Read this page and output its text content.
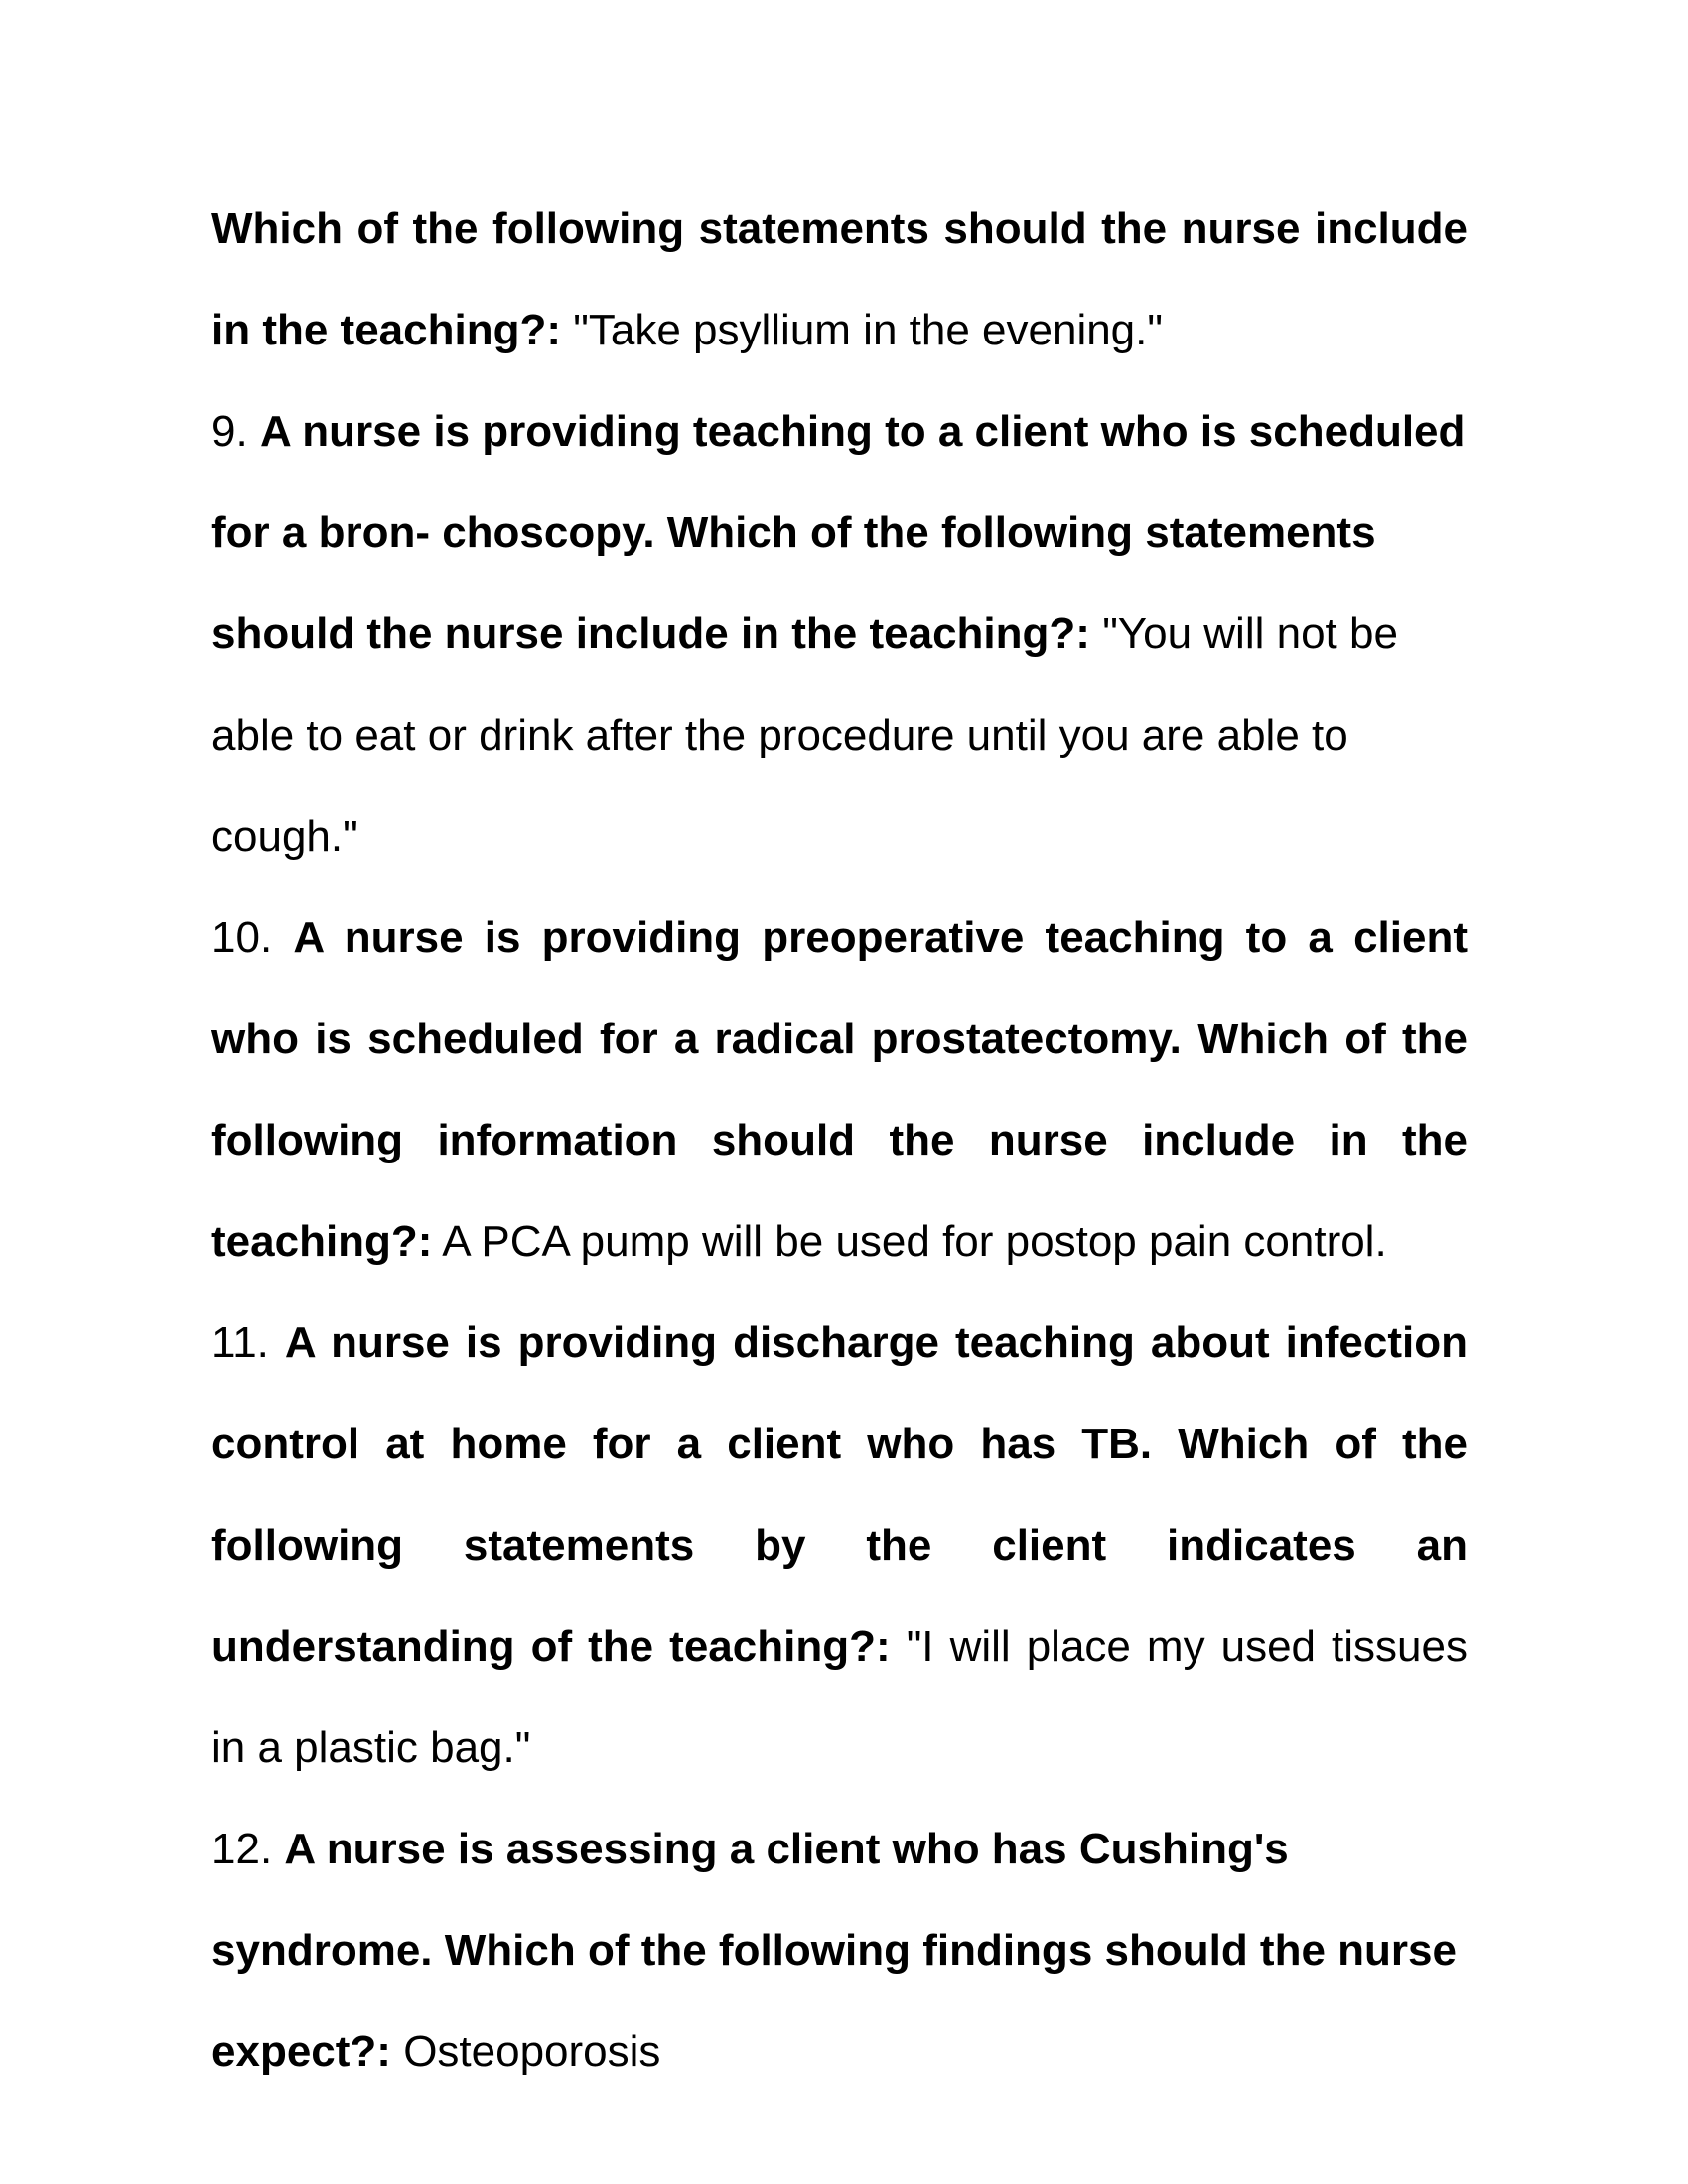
Which of the following statements should the nurse include in the teaching?: "Take psyllium in the evening."

9. A nurse is providing teaching to a client who is scheduled for a bron- choscopy. Which of the following statements should the nurse include in the teaching?: "You will not be able to eat or drink after the procedure until you are able to cough."

10. A nurse is providing preoperative teaching to a client who is scheduled for a radical prostatectomy. Which of the following information should the nurse include in the teaching?: A PCA pump will be used for postop pain control.

11. A nurse is providing discharge teaching about infection control at home for a client who has TB. Which of the following statements by the client indicates an understanding of the teaching?: "I will place my used tissues in a plastic bag."

12. A nurse is assessing a client who has Cushing's syndrome. Which of the following findings should the nurse expect?: Osteoporosis
